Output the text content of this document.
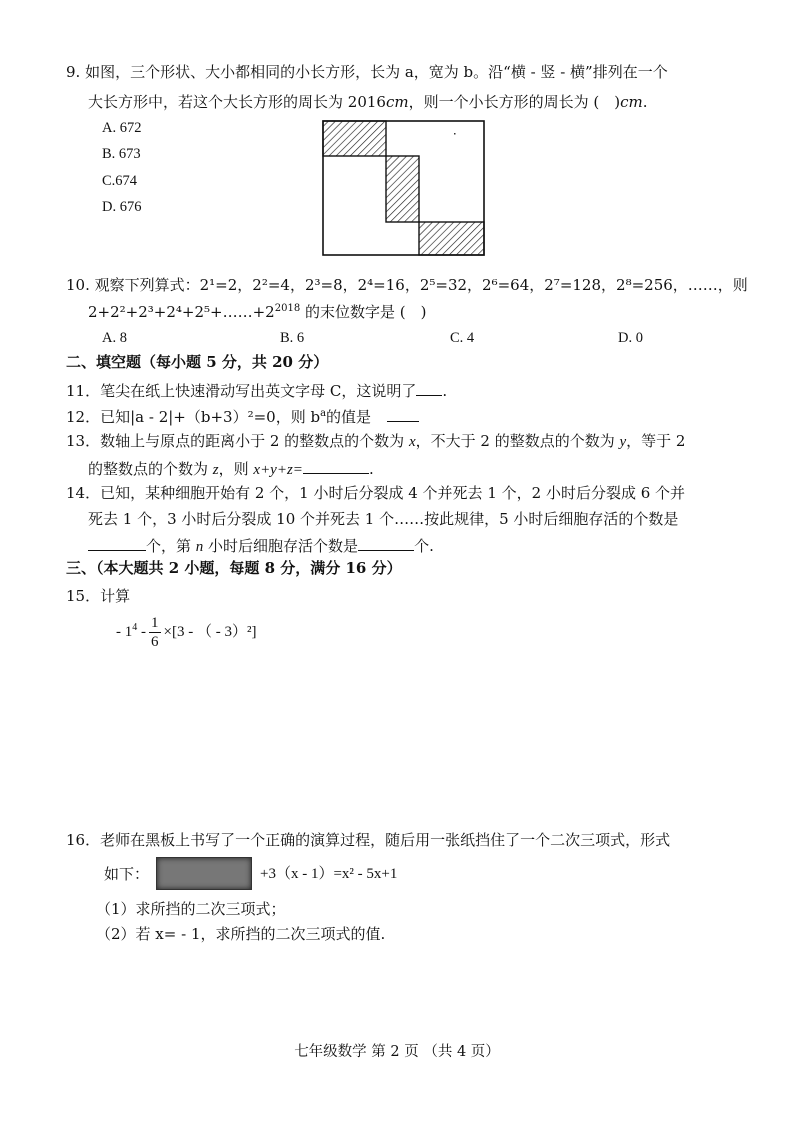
9. 如图，三个形状、大小都相同的小长方形，长为 a，宽为 b。沿“横 - 竖 - 横”排列在一个
大长方形中，若这个大长方形的周长为 2016cm，则一个小长方形的周长为 (　)cm.
A. 672
B. 673
C.674
D. 676
10. 观察下列算式：2¹=2，2²=4，2³=8，2⁴=16，2⁵=32，2⁶=64，2⁷=128，2⁸=256，……，则
$2+2^2+2^3+2^4+2^5+\dots\dots+2^{2018}$ 的末位数字是 (　)
A. 8	B. 6	C. 4	D. 0
二、填空题（每小题 5 分，共 20 分）
11．笔尖在纸上快速滑动写出英文字母 C，这说明了 .
12．已知|a - 2|+（b+3）²=0，则 $b^a$的值是
13．数轴上与原点的距离小于 2 的整数点的个数为 x，不大于 2 的整数点的个数为 y，等于 2
的整数点的个数为 z，则 x+y+z=	.
14．已知，某种细胞开始有 2 个，1 小时后分裂成 4 个并死去 1 个，2 小时后分裂成 6 个并
死去 1 个，3 小时后分裂成 10 个并死去 1 个……按此规律，5 小时后细胞存活的个数是
个，第 n 小时后细胞存活个数是	个.
三、（本大题共 2 小题，每题 8 分，满分 16 分）
15．计算
- $1^4 - \frac{1}{6} \times[3$ - （ - 3）²]
16．老师在黑板上书写了一个正确的演算过程，随后用一张纸挡住了一个二次三项式，形式
如下：	+3（x - 1）=x² - 5x+1
（1）求所挡的二次三项式；
（2）若 x= - 1，求所挡的二次三项式的值.
七年级数学 第 2 页 （共 4 页）
